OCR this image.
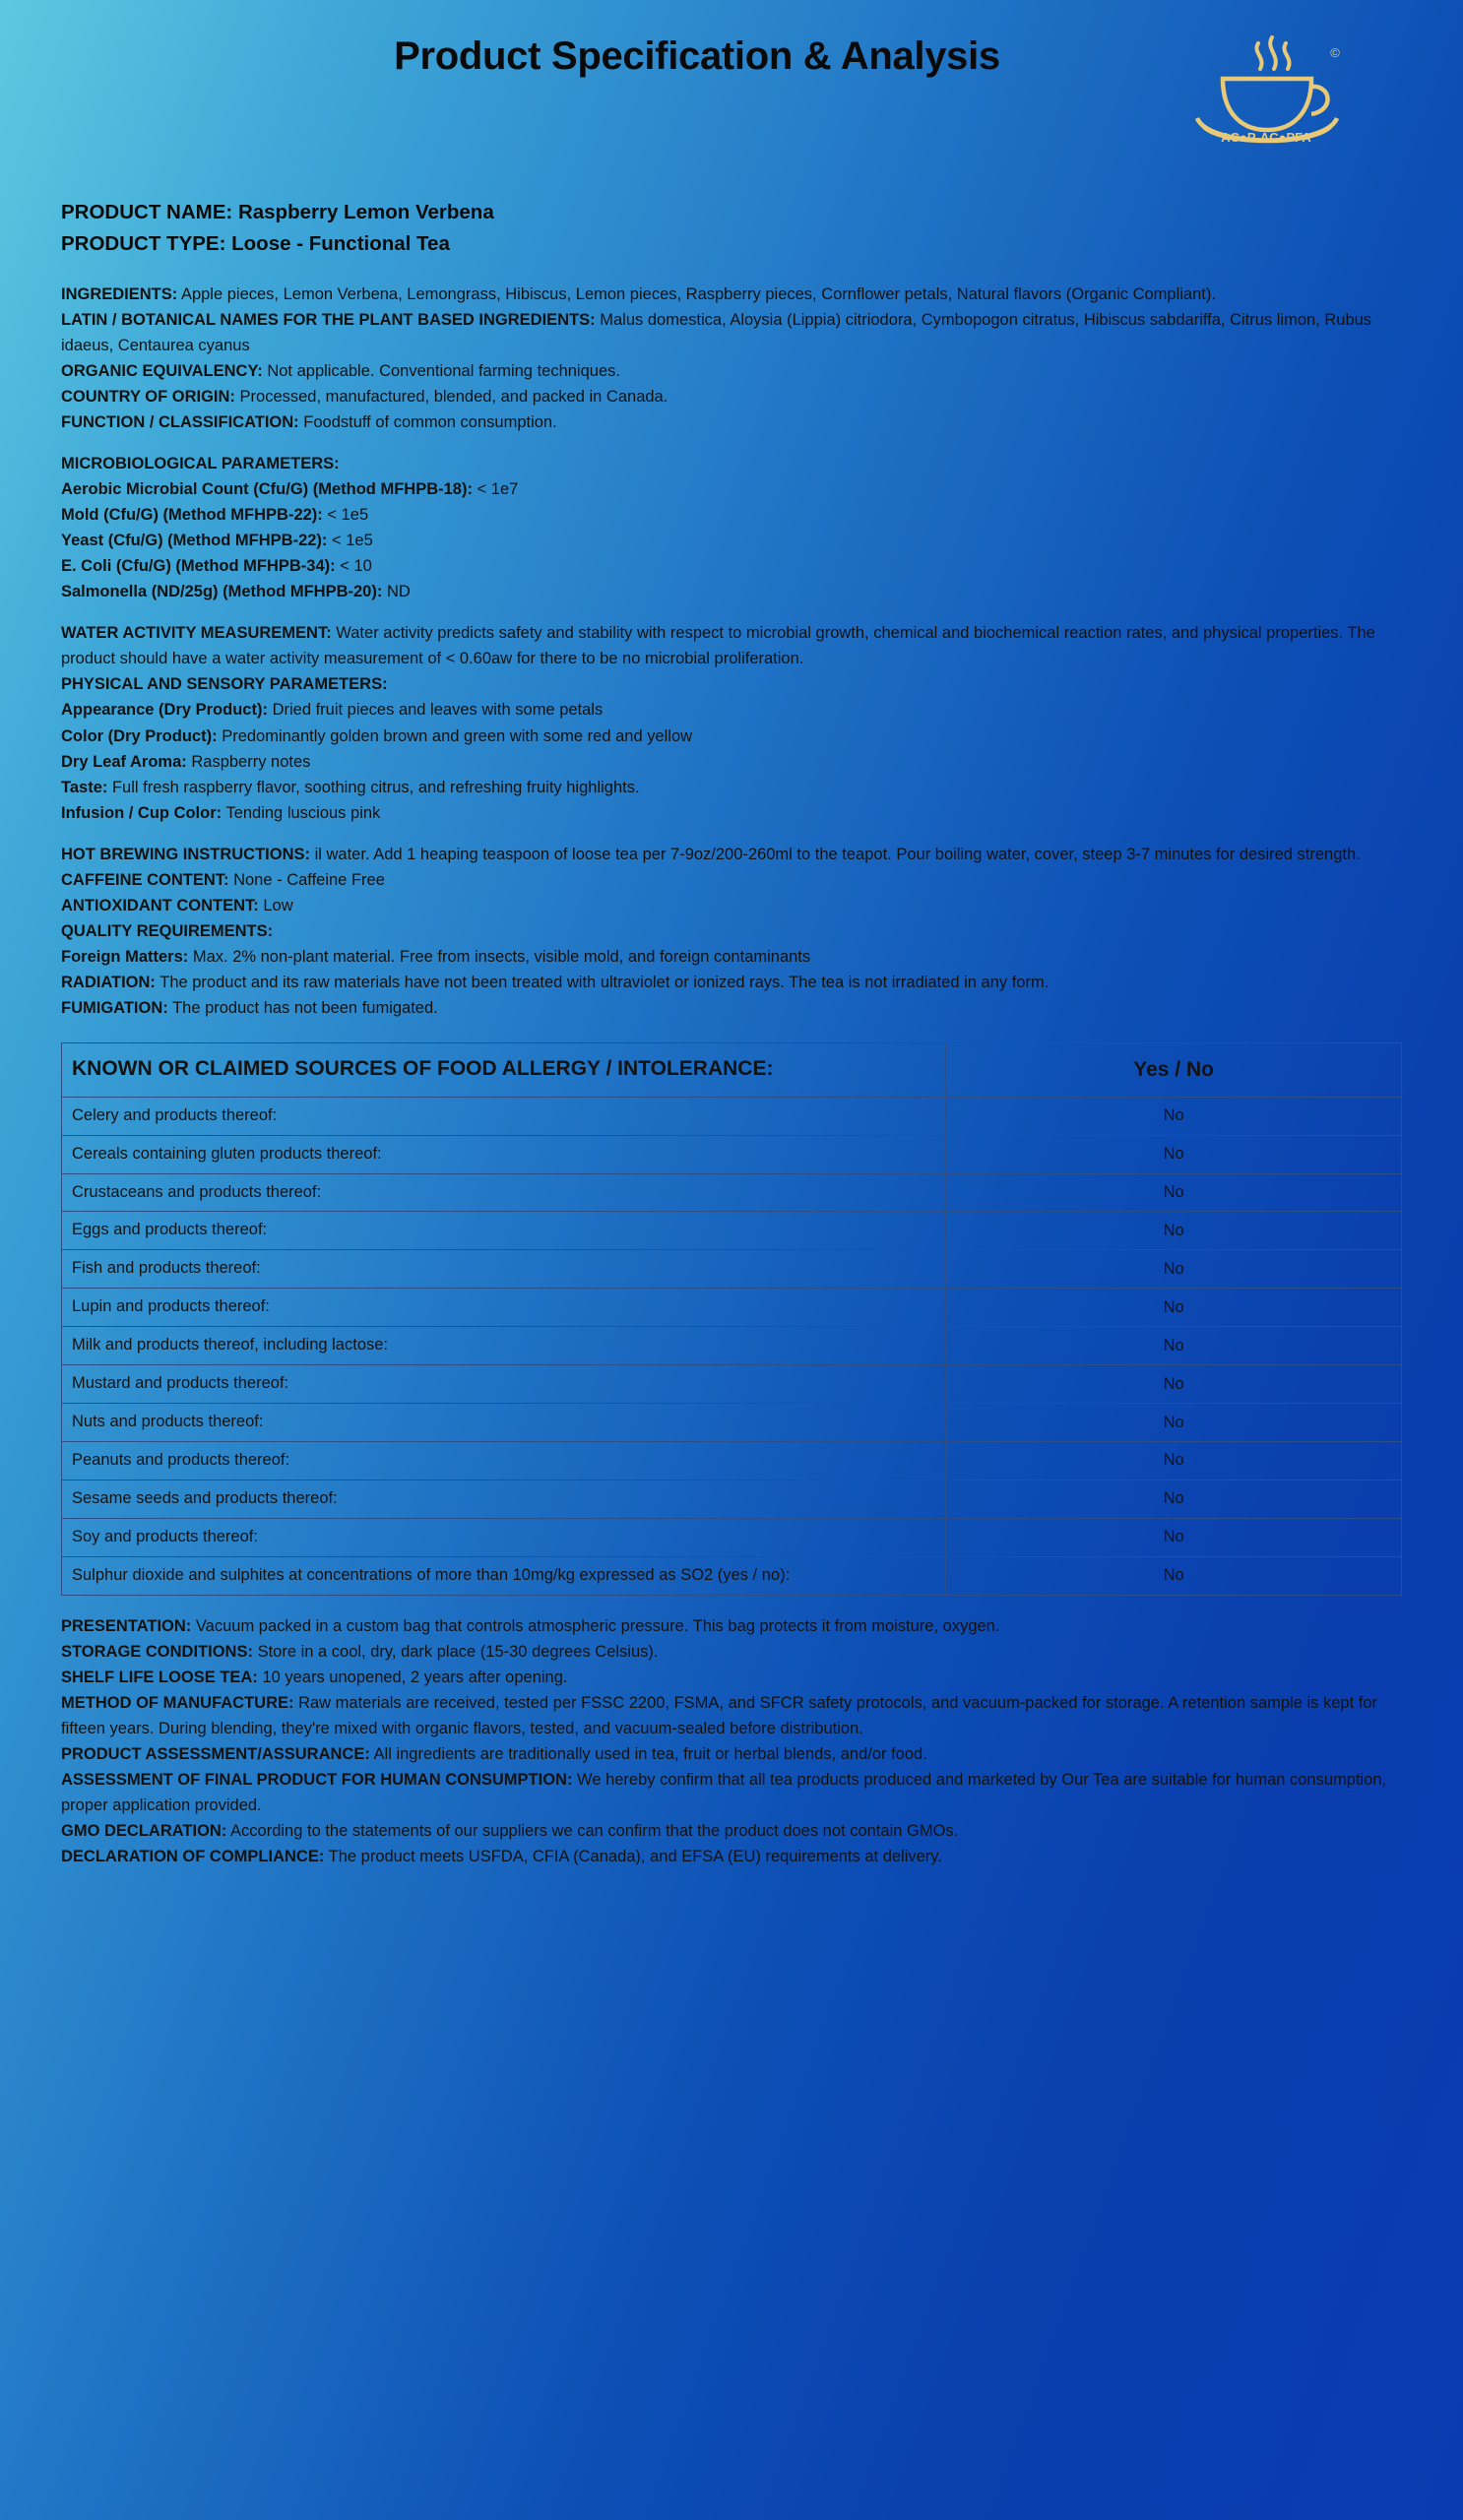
Product Specification & Analysis
AC●P-AC●PFA
©
PRODUCT NAME: Raspberry Lemon Verbena
PRODUCT TYPE: Loose - Functional Tea
INGREDIENTS: Apple pieces, Lemon Verbena, Lemongrass, Hibiscus, Lemon pieces, Raspberry pieces, Cornflower petals, Natural flavors (Organic Compliant).
LATIN / BOTANICAL NAMES FOR THE PLANT BASED INGREDIENTS: Malus domestica, Aloysia (Lippia) citriodora, Cymbopogon citratus, Hibiscus sabdariffa, Citrus limon, Rubus idaeus, Centaurea cyanus
ORGANIC EQUIVALENCY: Not applicable. Conventional farming techniques.
COUNTRY OF ORIGIN: Processed, manufactured, blended, and packed in Canada.
FUNCTION / CLASSIFICATION: Foodstuff of common consumption.
MICROBIOLOGICAL PARAMETERS:
Aerobic Microbial Count (Cfu/G) (Method MFHPB-18): < 1e7
Mold (Cfu/G) (Method MFHPB-22): < 1e5
Yeast (Cfu/G) (Method MFHPB-22): < 1e5
E. Coli (Cfu/G) (Method MFHPB-34): < 10
Salmonella (ND/25g) (Method MFHPB-20): ND
WATER ACTIVITY MEASUREMENT: Water activity predicts safety and stability with respect to microbial growth, chemical and biochemical reaction rates, and physical properties. The product should have a water activity measurement of < 0.60aw for there to be no microbial proliferation.
PHYSICAL AND SENSORY PARAMETERS:
Appearance (Dry Product): Dried fruit pieces and leaves with some petals
Color (Dry Product): Predominantly golden brown and green with some red and yellow
Dry Leaf Aroma: Raspberry notes
Taste: Full fresh raspberry flavor, soothing citrus, and refreshing fruity highlights.
Infusion / Cup Color: Tending luscious pink
HOT BREWING INSTRUCTIONS: il water. Add 1 heaping teaspoon of loose tea per 7-9oz/200-260ml to the teapot. Pour boiling water, cover, steep 3-7 minutes for desired strength.
CAFFEINE CONTENT: None - Caffeine Free
ANTIOXIDANT CONTENT: Low
QUALITY REQUIREMENTS:
Foreign Matters: Max. 2% non-plant material. Free from insects, visible mold, and foreign contaminants
RADIATION: The product and its raw materials have not been treated with ultraviolet or ionized rays. The tea is not irradiated in any form.
FUMIGATION: The product has not been fumigated.
KNOWN OR CLAIMED SOURCES OF FOOD ALLERGY / INTOLERANCE:	Yes / No
Celery and products thereof:	No
Cereals containing gluten products thereof:	No
Crustaceans and products thereof:	No
Eggs and products thereof:	No
Fish and products thereof:	No
Lupin and products thereof:	No
Milk and products thereof, including lactose:	No
Mustard and products thereof:	No
Nuts and products thereof:	No
Peanuts and products thereof:	No
Sesame seeds and products thereof:	No
Soy and products thereof:	No
Sulphur dioxide and sulphites at concentrations of more than 10mg/kg expressed as SO2 (yes / no):	No
PRESENTATION: Vacuum packed in a custom bag that controls atmospheric pressure. This bag protects it from moisture, oxygen.
STORAGE CONDITIONS: Store in a cool, dry, dark place (15-30 degrees Celsius).
SHELF LIFE LOOSE TEA: 10 years unopened, 2 years after opening.
METHOD OF MANUFACTURE: Raw materials are received, tested per FSSC 2200, FSMA, and SFCR safety protocols, and vacuum-packed for storage. A retention sample is kept for fifteen years. During blending, they're mixed with organic flavors, tested, and vacuum-sealed before distribution.
PRODUCT ASSESSMENT/ASSURANCE: All ingredients are traditionally used in tea, fruit or herbal blends, and/or food.
ASSESSMENT OF FINAL PRODUCT FOR HUMAN CONSUMPTION: We hereby confirm that all tea products produced and marketed by Our Tea are suitable for human consumption, proper application provided.
GMO DECLARATION: According to the statements of our suppliers we can confirm that the product does not contain GMOs.
DECLARATION OF COMPLIANCE: The product meets USFDA, CFIA (Canada), and EFSA (EU) requirements at delivery.
